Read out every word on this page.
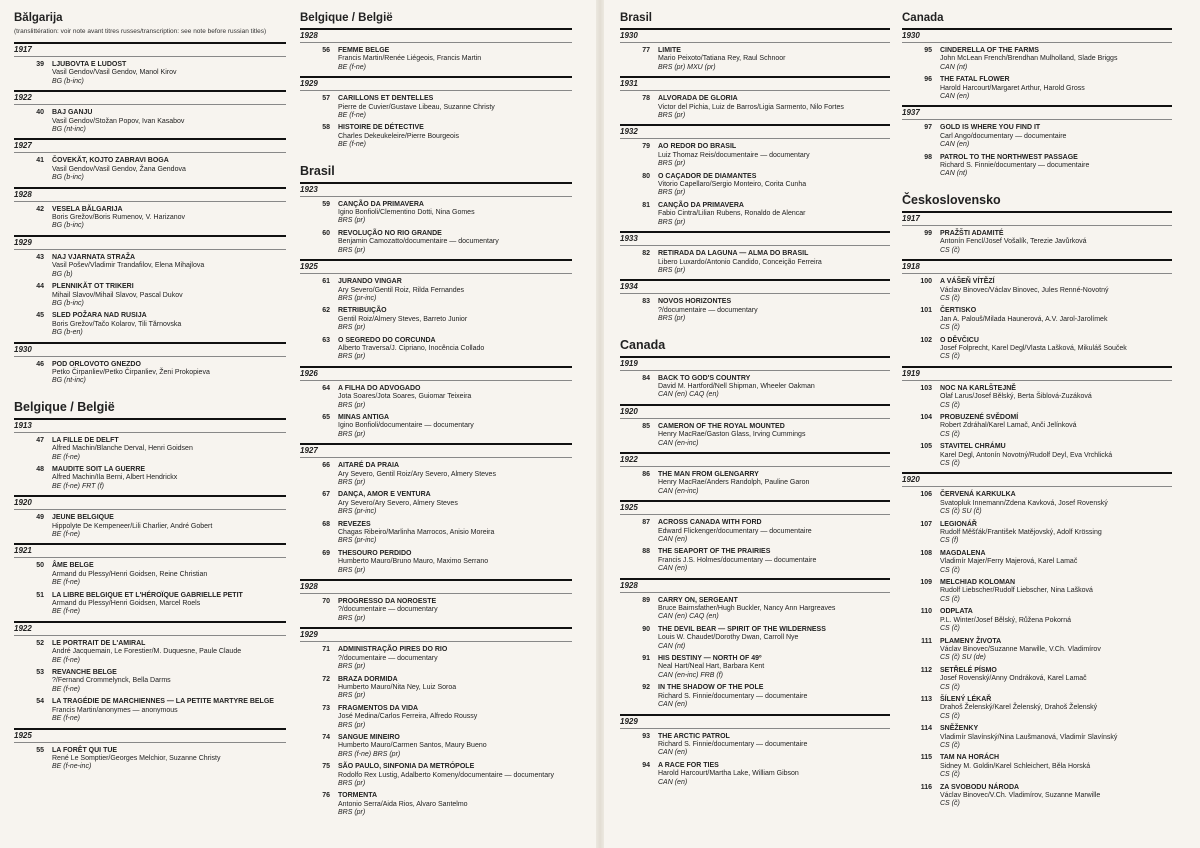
Bălgarija
(translittération: voir note avant titres russes/transcription: see note before russian titles)
1917
39	LJUBOVTA E LUDOST
Vasil Gendov/Vasil Gendov, Manol Kirov
BG (b-inc)
1922
40	BAJ GANJU
Vasil Gendov/Stožan Popov, Ivan Kasabov
BG (nt-inc)
1927
41	ČOVEKĂT, KOJTO ZABRAVI BOGA
Vasil Gendov/Vasil Gendov, Žana Gendova
BG (b-inc)
1928
42	VESELA BĂLGARIJA
Boris Grežov/Boris Rumenov, V. Harizanov
BG (b-inc)
1929
43	NAJ VJARNATA STRAŽA
Vasil Pošev/Vladimir Trandafilov, Elena Mihajlova
BG (b)
44	PLENNIKĂT OT TRIKERI
Mihail Slavov/Mihail Slavov, Pascal Dukov
BG (b-inc)
45	SLED POŽARA NAD RUSIJA
Boris Grežov/Tačo Kolarov, Tili Tărnovska
BG (b-en)
1930
46	POD ORLOVOTO GNEZDO
Petko Čirpanliev/Petko Čirpanliev, Ženi Prokopieva
BG (nt-inc)
Belgique / België
1913
47	LA FILLE DE DELFT
Alfred Machin/Blanche Derval, Henri Goidsen
BE (f-ne)
48	MAUDITE SOIT LA GUERRE
Alfred Machin/Ila Berni, Albert Hendrickx
BE (f-ne) FRT (f)
1920
49	JEUNE BELGIQUE
Hippolyte De Kempeneer/Lili Charlier, André Gobert
BE (f-ne)
1921
50	ÂME BELGE
Armand du Plessy/Henri Goidsen, Reine Christian
BE (f-ne)
51	LA LIBRE BELGIQUE ET L'HÉROÏQUE GABRIELLE PETIT
Armand du Plessy/Henri Goidsen, Marcel Roels
BE (f-ne)
1922
52	LE PORTRAIT DE L'AMIRAL
André Jacquemain, Le Forestier/M. Duquesne, Paule Claude
BE (f-ne)
53	REVANCHE BELGE
?/Fernand Crommelynck, Bella Darms
BE (f-ne)
54	LA TRAGÉDIE DE MARCHIENNES — LA PETITE MARTYRE BELGE
Francis Martin/anonymes — anonymous
BE (f-ne)
1925
55	LA FORÊT QUI TUE
René Le Somptier/Georges Melchior, Suzanne Christy
BE (f-ne-inc)
Belgique / België
1928
56	FEMME BELGE
Francis Martin/Renée Liégeois, Francis Martin
BE (f-ne)
1929
57	CARILLONS ET DENTELLES
Pierre de Cuvier/Gustave Libeau, Suzanne Christy
BE (f-ne)
58	HISTOIRE DE DÉTECTIVE
Charles Dekeukeleire/Pierre Bourgeois
BE (f-ne)
Brasil
1923
59	CANÇÃO DA PRIMAVERA
Igino Bonfioli/Clementino Dotti, Nina Gomes
BRS (pr)
60	REVOLUÇÃO NO RIO GRANDE
Benjamin Camozatto/documentaire — documentary
BRS (pr)
1925
61	JURANDO VINGAR
Ary Severo/Gentil Roiz, Rilda Fernandes
BRS (pr-inc)
62	RETRIBUIÇÃO
Gentil Roiz/Almery Steves, Barreto Junior
BRS (pr)
63	O SEGREDO DO CORCUNDA
Alberto Traversa/J. Cipriano, Inocência Collado
BRS (pr)
1926
64	A FILHA DO ADVOGADO
Jota Soares/Jota Soares, Guiomar Teixeira
BRS (pr)
65	MINAS ANTIGA
Igino Bonfioli/documentaire — documentary
BRS (pr)
1927
66	AITARÉ DA PRAIA
Ary Severo, Gentil Roiz/Ary Severo, Almery Steves
BRS (pr)
67	DANÇA, AMOR E VENTURA
Ary Severo/Ary Severo, Almery Steves
BRS (pr-inc)
68	REVEZES
Chagas Ribeiro/Marlinha Marrocos, Anisio Moreira
BRS (pr-inc)
69	THESOURO PERDIDO
Humberto Mauro/Bruno Mauro, Maximo Serrano
BRS (pr)
1928
70	PROGRESSO DA NOROESTE
?/documentaire — documentary
BRS (pr)
1929
71	ADMINISTRAÇÃO PIRES DO RIO
?/documentaire — documentary
BRS (pr)
72	BRAZA DORMIDA
Humberto Mauro/Nita Ney, Luiz Soroa
BRS (pr)
73	FRAGMENTOS DA VIDA
José Medina/Carlos Ferreira, Alfredo Roussy
BRS (pr)
74	SANGUE MINEIRO
Humberto Mauro/Carmen Santos, Maury Bueno
BRS (f-ne) BRS (pr)
75	SÃO PAULO, SINFONIA DA METRÓPOLE
Rodolfo Rex Lustig, Adalberto Komeny/documentaire — documentary
BRS (pr)
76	TORMENTA
Antonio Serra/Aida Rios, Alvaro Santelmo
BRS (pr)
Brasil
1930
77	LIMITE
Mario Peixoto/Tatiana Rey, Raul Schnoor
BRS (pr) MXU (pr)
1931
78	ALVORADA DE GLORIA
Victor del Pichia, Luiz de Barros/Ligia Sarmento, Nilo Fortes
BRS (pr)
1932
79	AO REDOR DO BRASIL
Luiz Thomaz Reis/documentaire — documentary
BRS (pr)
80	O CAÇADOR DE DIAMANTES
Vitorio Capellaro/Sergio Monteiro, Corita Cunha
BRS (pr)
81	CANÇÃO DA PRIMAVERA
Fabio Cintra/Lilian Rubens, Ronaldo de Alencar
BRS (pr)
1933
82	RETIRADA DA LAGUNA — ALMA DO BRASIL
Libero Luxardo/Antonio Candido, Conceição Ferreira
BRS (pr)
1934
83	NOVOS HORIZONTES
?/documentaire — documentary
BRS (pr)
Canada
1919
84	BACK TO GOD'S COUNTRY
David M. Hartford/Nell Shipman, Wheeler Oakman
CAN (en) CAQ (en)
1920
85	CAMERON OF THE ROYAL MOUNTED
Henry MacRae/Gaston Glass, Irving Cummings
CAN (en-inc)
1922
86	THE MAN FROM GLENGARRY
Henry MacRae/Anders Randolph, Pauline Garon
CAN (en-inc)
1925
87	ACROSS CANADA WITH FORD
Edward Flickenger/documentary — documentaire
CAN (en)
88	THE SEAPORT OF THE PRAIRIES
Francis J.S. Holmes/documentary — documentaire
CAN (en)
1928
89	CARRY ON, SERGEANT
Bruce Bairnsfather/Hugh Buckler, Nancy Ann Hargreaves
CAN (en) CAQ (en)
90	THE DEVIL BEAR — SPIRIT OF THE WILDERNESS
Louis W. Chaudet/Dorothy Dwan, Carroll Nye
CAN (nt)
91	HIS DESTINY — NORTH OF 49º
Neal Hart/Neal Hart, Barbara Kent
CAN (en-inc) FRB (f)
92	IN THE SHADOW OF THE POLE
Richard S. Finnie/documentary — documentaire
CAN (en)
1929
93	THE ARCTIC PATROL
Richard S. Finnie/documentary — documentaire
CAN (en)
94	A RACE FOR TIES
Harold Harcourt/Martha Lake, William Gibson
CAN (en)
Canada
1930
95	CINDERELLA OF THE FARMS
John McLean French/Brendhan Mulholland, Slade Briggs
CAN (nt)
96	THE FATAL FLOWER
Harold Harcourt/Margaret Arthur, Harold Gross
CAN (en)
1937
97	GOLD IS WHERE YOU FIND IT
Carl Ango/documentary — documentaire
CAN (en)
98	PATROL TO THE NORTHWEST PASSAGE
Richard S. Finnie/documentary — documentaire
CAN (nt)
Československo
1917
99	PRAŽŠTI ADAMITÉ
Antonín Fencl/Josef Vošalík, Terezie Javůrková
CS (č)
1918
100	A VÁŠEŇ VÍTĚZÍ
Václav Binovec/Václav Binovec, Jules Renné-Novotný
CS (č)
101	ČERTISKO
Jan A. Palouš/Milada Haunerová, A.V. Jarol-Jarolímek
CS (č)
102	O DĚVČICU
Josef Folprecht, Karel Degl/Vlasta Lašková, Mikuláš Souček
CS (č)
1919
103	NOC NA KARLŠTEJNĚ
Olaf Larus/Josef Bělský, Berta Šiblová-Zuzáková
CS (č)
104	PROBUZENÉ SVĚDOMÍ
Robert Zdráhal/Karel Lamač, Anči Jelínková
CS (č)
105	STAVITEL CHRÁMU
Karel Degl, Antonín Novotný/Rudolf Deyl, Eva Vrchlická
CS (č)
1920
106	ČERVENÁ KARKULKA
Svatopluk Innemann/Zdena Kavková, Josef Rovenský
CS (č) SU (č)
107	LEGIONÁŘ
Rudolf Měšťák/František Matějovský, Adolf Krössing
CS (f)
108	MAGDALENA
Vladimír Majer/Ferry Majerová, Karel Lamač
CS (č)
109	MELCHIAD KOLOMAN
Rudolf Liebscher/Rudolf Liebscher, Nina Lašková
CS (č)
110	ODPLATA
P.L. Winter/Josef Bělský, Růžena Pokorná
CS (č)
111	PLAMENY ŽIVOTA
Václav Binovec/Suzanne Marwille, V.Ch. Vladimírov
CS (č) SU (de)
112	SETŘELÉ PÍSMO
Josef Rovenský/Anny Ondráková, Karel Lamač
CS (č)
113	ŠÍLENÝ LÉKAŘ
Drahoš Želenský/Karel Želenský, Drahoš Želenský
CS (č)
114	SNĚŽENKY
Vladimír Slavínský/Nina Laušmanová, Vladimír Slavínský
CS (č)
115	TAM NA HORÁCH
Sidney M. Goldin/Karel Schleichert, Běla Horská
CS (č)
116	ZA SVOBODU NÁRODA
Václav Binovec/V.Ch. Vladimírov, Suzanne Marwille
CS (č)
